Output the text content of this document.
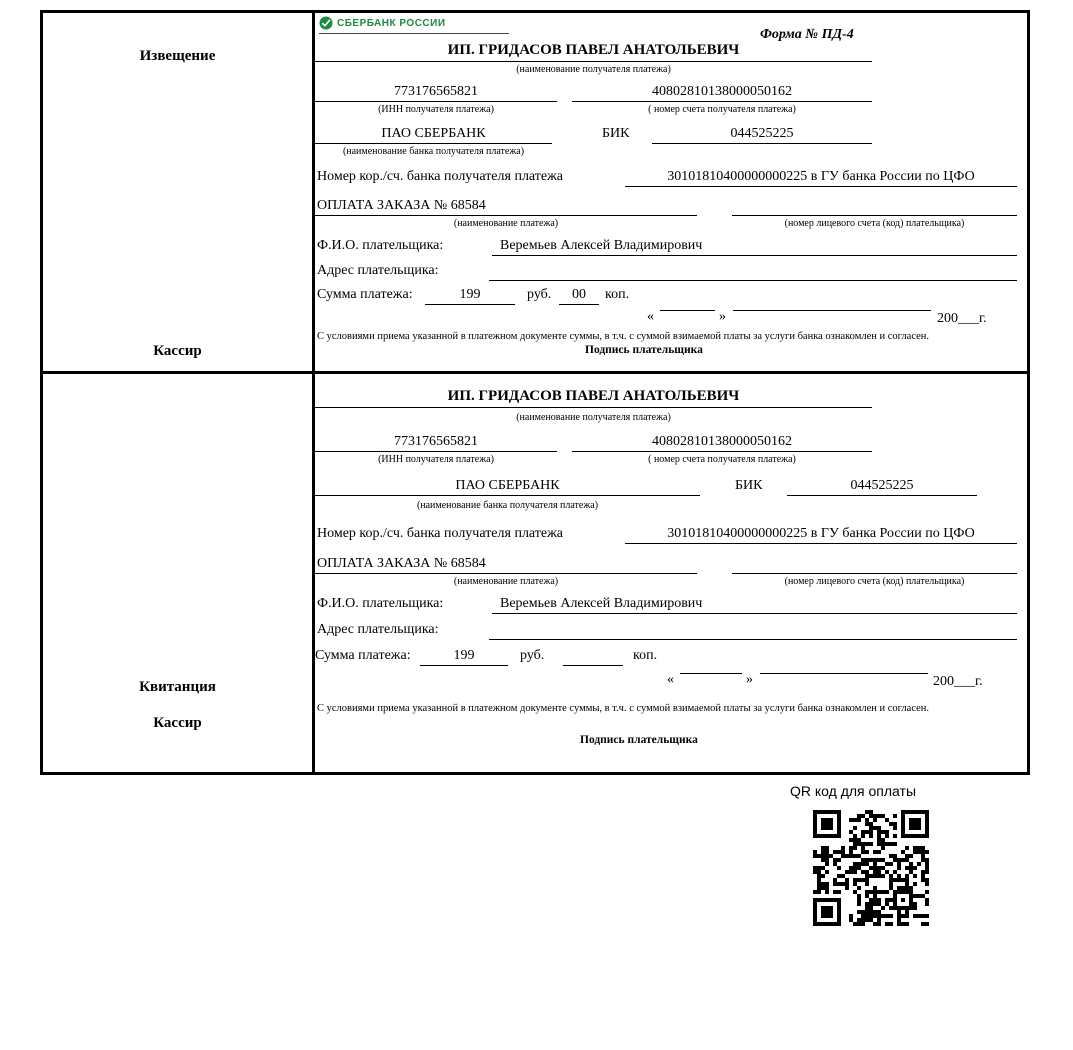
Извещение
Кассир
СБЕРБАНК РОССИИ
Форма № ПД-4
ИП. ГРИДАСОВ ПАВЕЛ АНАТОЛЬЕВИЧ
(наименование получателя платежа)
773176565821	40802810138000050162
(ИНН получателя платежа)	( номер счета получателя платежа)
ПАО СБЕРБАНК	БИК	044525225
(наименование банка получателя платежа)
Номер кор./сч. банка получателя платежа	30101810400000000225 в ГУ банка России по ЦФО
ОПЛАТА ЗАКАЗА № 68584
(наименование платежа)	(номер лицевого счета (код) плательщика)
Ф.И.О. плательщика:	Веремьев Алексей Владимирович
Адрес плательщика:
Сумма платежа:	199	руб.	00	коп.
«	»	200___г.
С условиями приема указанной в платежном документе суммы, в т.ч. с суммой взимаемой платы за услуги банка ознакомлен и согласен.
Подпись плательщика
Квитанция
Кассир
ИП. ГРИДАСОВ ПАВЕЛ АНАТОЛЬЕВИЧ
(наименование получателя платежа)
773176565821	40802810138000050162
(ИНН получателя платежа)	( номер счета получателя платежа)
ПАО СБЕРБАНК	БИК	044525225
(наименование банка получателя платежа)
Номер кор./сч. банка получателя платежа	30101810400000000225 в ГУ банка России по ЦФО
ОПЛАТА ЗАКАЗА № 68584
(наименование платежа)	(номер лицевого счета (код) плательщика)
Ф.И.О. плательщика:	Веремьев Алексей Владимирович
Адрес плательщика:
Сумма платежа:	199	руб.	коп.
«	»	200___г.
С условиями приема указанной в платежном документе суммы, в т.ч. с суммой взимаемой платы за услуги банка ознакомлен и согласен.
Подпись плательщика
QR код для оплаты
